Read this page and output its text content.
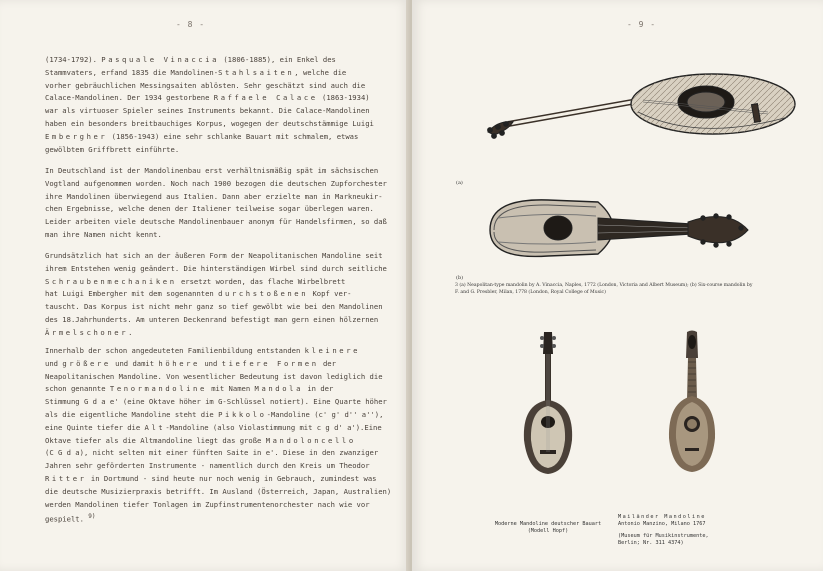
- 8 -

(1734-1792). Pasquale Vinaccia (1806-1885), ein Enkel des
Stammvaters, erfand 1835 die Mandolinen-Stahlsaiten, welche die
vorher gebräuchlichen Messingsaiten ablösten. Sehr geschätzt sind auch die
Calace-Mandolinen. Der 1934 gestorbene Raffaele Calace (1863-1934)
war als virtuoser Spieler seines Instruments bekannt. Die Calace-Mandolinen
haben ein besonders breitbauchiges Korpus, wogegen der deutschstämmige Luigi
Embergher (1856-1943) eine sehr schlanke Bauart mit schmalem, etwas
gewölbtem Griffbrett einführte.

In Deutschland ist der Mandolinenbau erst verhältnismäßig spät im sächsischen
Vogtland aufgenommen worden. Noch nach 1900 bezogen die deutschen Zupforchester
ihre Mandolinen überwiegend aus Italien. Dann aber erzielte man in Markneukir-
chen Ergebnisse, welche denen der Italiener teilweise sogar überlegen waren.
Leider arbeiten viele deutsche Mandolinenbauer anonym für Handelsfirmen, so daß
man ihre Namen nicht kennt.

Grundsätzlich hat sich an der äußeren Form der Neapolitanischen Mandoline seit
ihrem Entstehen wenig geändert. Die hinterständigen Wirbel sind durch seitliche
Schraubenmechaniken ersetzt worden, das flache Wirbelbrett
hat Luigi Embergher mit dem sogenannten durchstoßenen Kopf ver-
tauscht. Das Korpus ist nicht mehr ganz so tief gewölbt wie bei den Mandolinen
des 18.Jahrhunderts. Am unteren Deckenrand befestigt man gern einen hölzernen
Ärmelschoner.

Innerhalb der schon angedeuteten Familienbildung entstanden kleinere
und größere und damit höhere und tiefere Formen der
Neapolitanischen Mandoline. Von wesentlicher Bedeutung ist davon lediglich die
schon genannte Tenormandoline mit Namen Mandola in der
Stimmung G d a e' (eine Oktave höher im G-Schlüssel notiert). Eine Quarte höher
als die eigentliche Mandoline steht die Pikkolo-Mandoline (c' g' d'' a''),
eine Quinte tiefer die Alt-Mandoline (also Violastimmung mit c g d' a').Eine
Oktave tiefer als die Altmandoline liegt das große Mandoloncello
(C G d a), nicht selten mit einer fünften Saite in e'. Diese in den zwanziger
Jahren sehr geförderten Instrumente - namentlich durch den Kreis um Theodor
Ritter in Dortmund - sind heute nur noch wenig in Gebrauch, zumindest was
die deutsche Musizierpraxis betrifft. Im Ausland (Österreich, Japan, Australien)
werden Mandolinen tiefer Tonlagen im Zupfinstrumentenorchester nach wie vor
gespielt. $^{9)}$

- 9 -
(a)
(b)
3 (a) Neapolitan-type mandolin by A. Vinaccia, Naples, 1772 (London, Victoria and Albert Museum); (b) Six-course mandolin by
F. and G. Presbler, Milan, 1778 (London, Royal College of Music)
Moderne Mandoline deutscher Bauart
(Modell Hopf)
Mailänder Mandoline
Antonio Manzino, Milano 1767
(Museum für Musikinstrumente,
Berlin; Nr. 311 4374)
